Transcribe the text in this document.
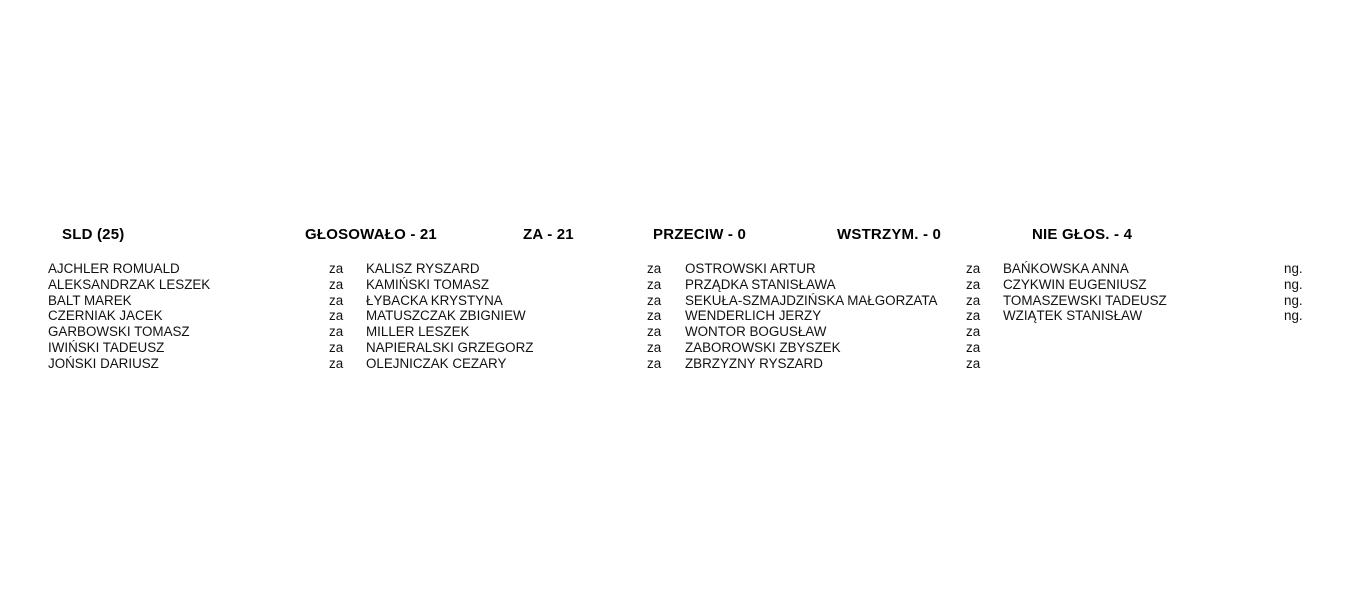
SLD (25)	GŁOSOWAŁO - 21	ZA - 21	PRZECIW - 0	WSTRZYM. - 0	NIE GŁOS. - 4
AJCHLER ROMUALD	za
ALEKSANDRZAK LESZEK	za
BALT MAREK	za
CZERNIAK JACEK	za
GARBOWSKI TOMASZ	za
IWIŃSKI TADEUSZ	za
JOŃSKI DARIUSZ	za
KALISZ RYSZARD	za
KAMIŃSKI TOMASZ	za
ŁYBACKA KRYSTYNA	za
MATUSZCZAK ZBIGNIEW	za
MILLER LESZEK	za
NAPIERALSKI GRZEGORZ	za
OLEJNICZAK CEZARY	za
OSTROWSKI ARTUR	za
PRZĄDKA STANISŁAWA	za
SEKUŁA-SZMAJDZIŃSKA MAŁGORZATA za
WENDERLICH JERZY	za
WONTOR BOGUSŁAW	za
ZABOROWSKI ZBYSZEK	za
ZBRZYZNY RYSZARD	za
BAŃKOWSKA ANNA	ng.
CZYKWIN EUGENIUSZ	ng.
TOMASZEWSKI TADEUSZ	ng.
WZIĄTEK STANISŁAW	ng.
